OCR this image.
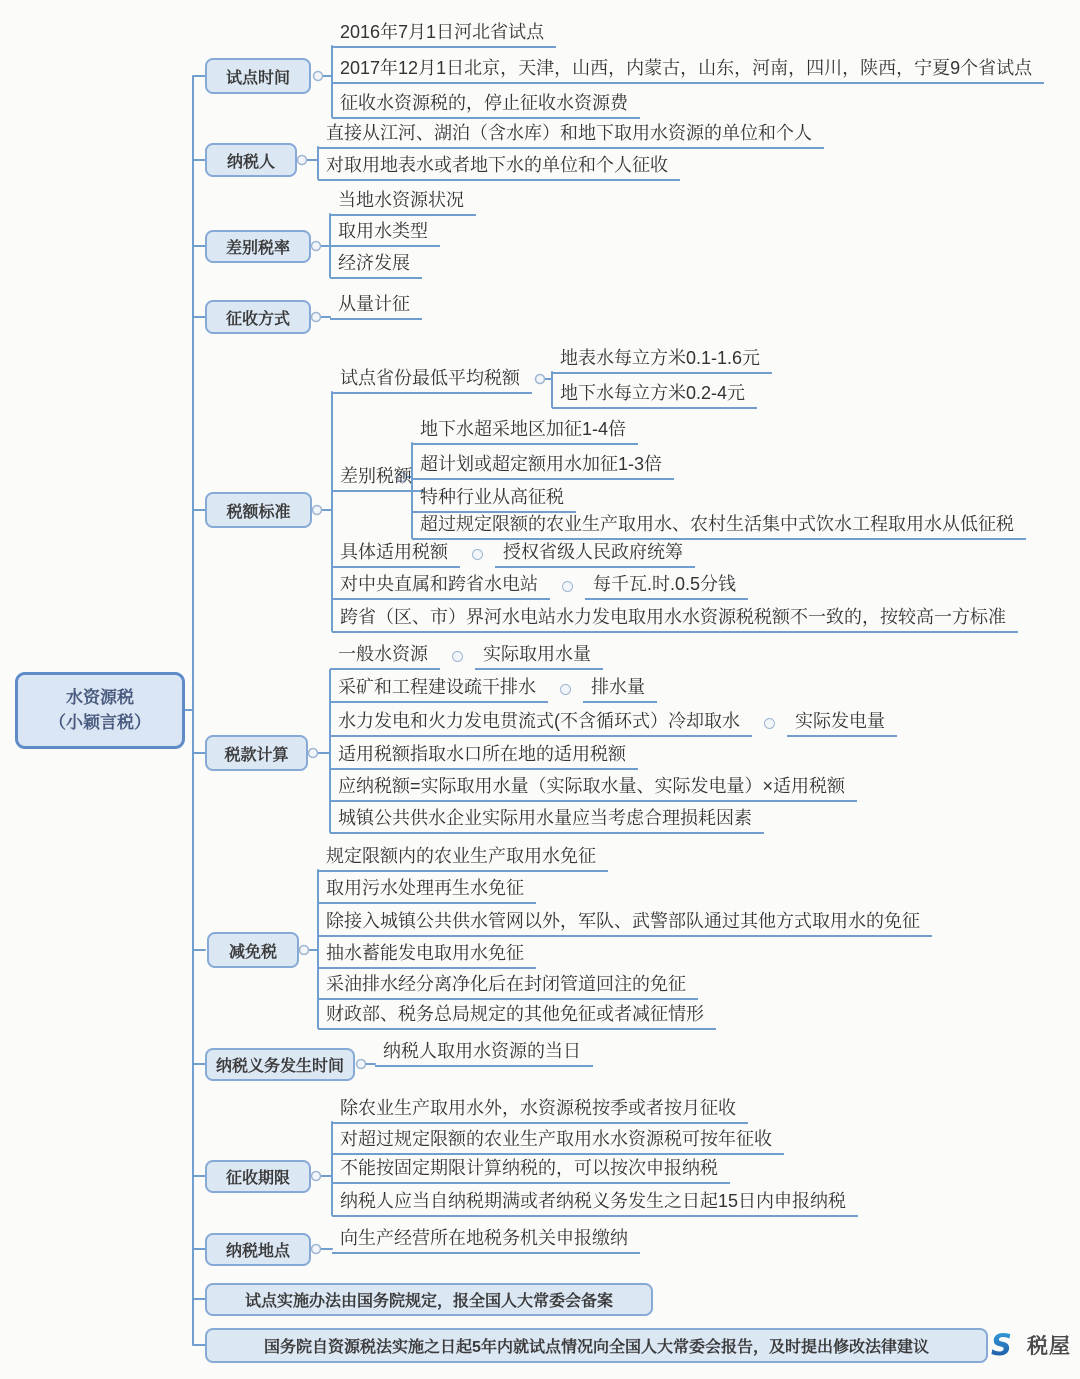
水资源税
（小颖言税）
试点时间
纳税人
差别税率
征收方式
税额标准
税款计算
减免税
纳税义务发生时间
征收期限
纳税地点
试点实施办法由国务院规定，报全国人大常委会备案
国务院自资源税法实施之日起5年内就试点情况向全国人大常委会报告，及时提出修改法律建议
2016年7月1日河北省试点
2017年12月1日北京，天津，山西，内蒙古，山东，河南，四川，陕西，宁夏9个省试点
征收水资源税的，停止征收水资源费
直接从江河、湖泊（含水库）和地下取用水资源的单位和个人
对取用地表水或者地下水的单位和个人征收
当地水资源状况
取用水类型
经济发展
从量计征
试点省份最低平均税额
地表水每立方米0.1-1.6元
地下水每立方米0.2-4元
差别税额
地下水超采地区加征1-4倍
超计划或超定额用水加征1-3倍
特种行业从高征税
超过规定限额的农业生产取用水、农村生活集中式饮水工程取用水从低征税
具体适用税额	授权省级人民政府统筹
对中央直属和跨省水电站	每千瓦.时.0.5分钱
跨省（区、市）界河水电站水力发电取用水水资源税税额不一致的，按较高一方标准
一般水资源	实际取用水量
采矿和工程建设疏干排水	排水量
水力发电和火力发电贯流式(不含循环式）冷却取水	实际发电量
适用税额指取水口所在地的适用税额
应纳税额=实际取用水量（实际取水量、实际发电量）×适用税额
城镇公共供水企业实际用水量应当考虑合理损耗因素
规定限额内的农业生产取用水免征
取用污水处理再生水免征
除接入城镇公共供水管网以外，军队、武警部队通过其他方式取用水的免征
抽水蓄能发电取用水免征
采油排水经分离净化后在封闭管道回注的免征
财政部、税务总局规定的其他免征或者减征情形
纳税人取用水资源的当日
除农业生产取用水外，水资源税按季或者按月征收
对超过规定限额的农业生产取用水水资源税可按年征收
不能按固定期限计算纳税的，可以按次申报纳税
纳税人应当自纳税期满或者纳税义务发生之日起15日内申报纳税
向生产经营所在地税务机关申报缴纳
S 税屋
